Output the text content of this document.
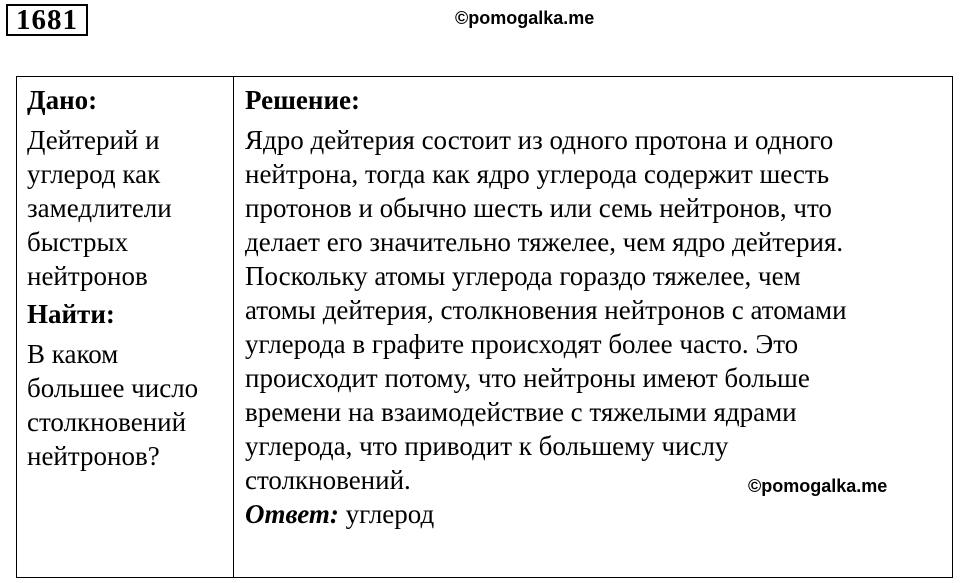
1681	©pomogalka.me
Дано:
Дейтерий и
углерод как
замедлители
быстрых
нейтронов
Найти:
В каком
большее число
столкновений
нейтронов?
Решение:
Ядро дейтерия состоит из одного протона и одного
нейтрона, тогда как ядро углерода содержит шесть
протонов и обычно шесть или семь нейтронов, что
делает его значительно тяжелее, чем ядро дейтерия.
Поскольку атомы углерода гораздо тяжелее, чем
атомы дейтерия, столкновения нейтронов с атомами
углерода в графите происходят более часто. Это
происходит потому, что нейтроны имеют больше
времени на взаимодействие с тяжелыми ядрами
углерода, что приводит к большему числу
столкновений.
Ответ: углерод
©pomogalka.me
